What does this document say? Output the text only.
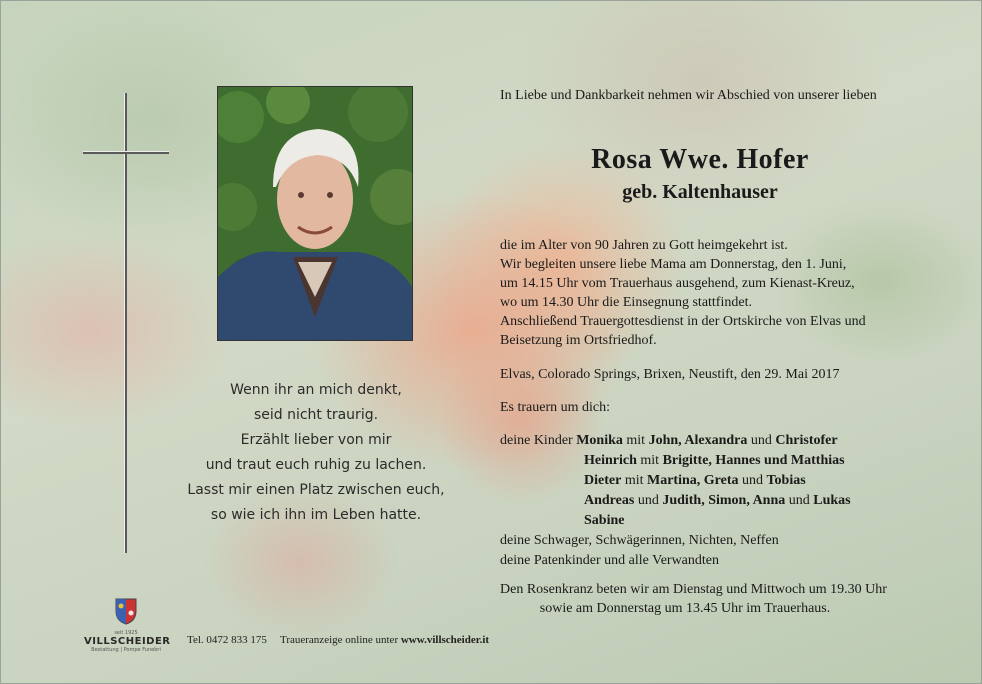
Wenn ihr an mich denkt,
seid nicht traurig.
Erzählt lieber von mir
und traut euch ruhig zu lachen.
Lasst mir einen Platz zwischen euch,
so wie ich ihn im Leben hatte.
In Liebe und Dankbarkeit nehmen wir Abschied von unserer lieben
Rosa Wwe. Hofer
geb. Kaltenhauser
die im Alter von 90 Jahren zu Gott heimgekehrt ist.
Wir begleiten unsere liebe Mama am Donnerstag, den 1. Juni,
um 14.15 Uhr vom Trauerhaus ausgehend, zum Kienast-Kreuz,
wo um 14.30 Uhr die Einsegnung stattfindet.
Anschließend Trauergottesdienst in der Ortskirche von Elvas und
Beisetzung im Ortsfriedhof.
Elvas, Colorado Springs, Brixen, Neustift, den 29. Mai 2017
Es trauern um dich:
deine Kinder Monika mit John, Alexandra und Christofer
Heinrich mit Brigitte, Hannes und Matthias
Dieter mit Martina, Greta und Tobias
Andreas und Judith, Simon, Anna und Lukas
Sabine
deine Schwager, Schwägerinnen, Nichten, Neffen
deine Patenkinder und alle Verwandten
Den Rosenkranz beten wir am Dienstag und Mittwoch um 19.30 Uhr
sowie am Donnerstag um 13.45 Uhr im Trauerhaus.
seit 1925
VILLSCHEIDER
Bestattung | Pompe Funebri
Tel. 0472 833 175 Traueranzeige online unter www.villscheider.it
